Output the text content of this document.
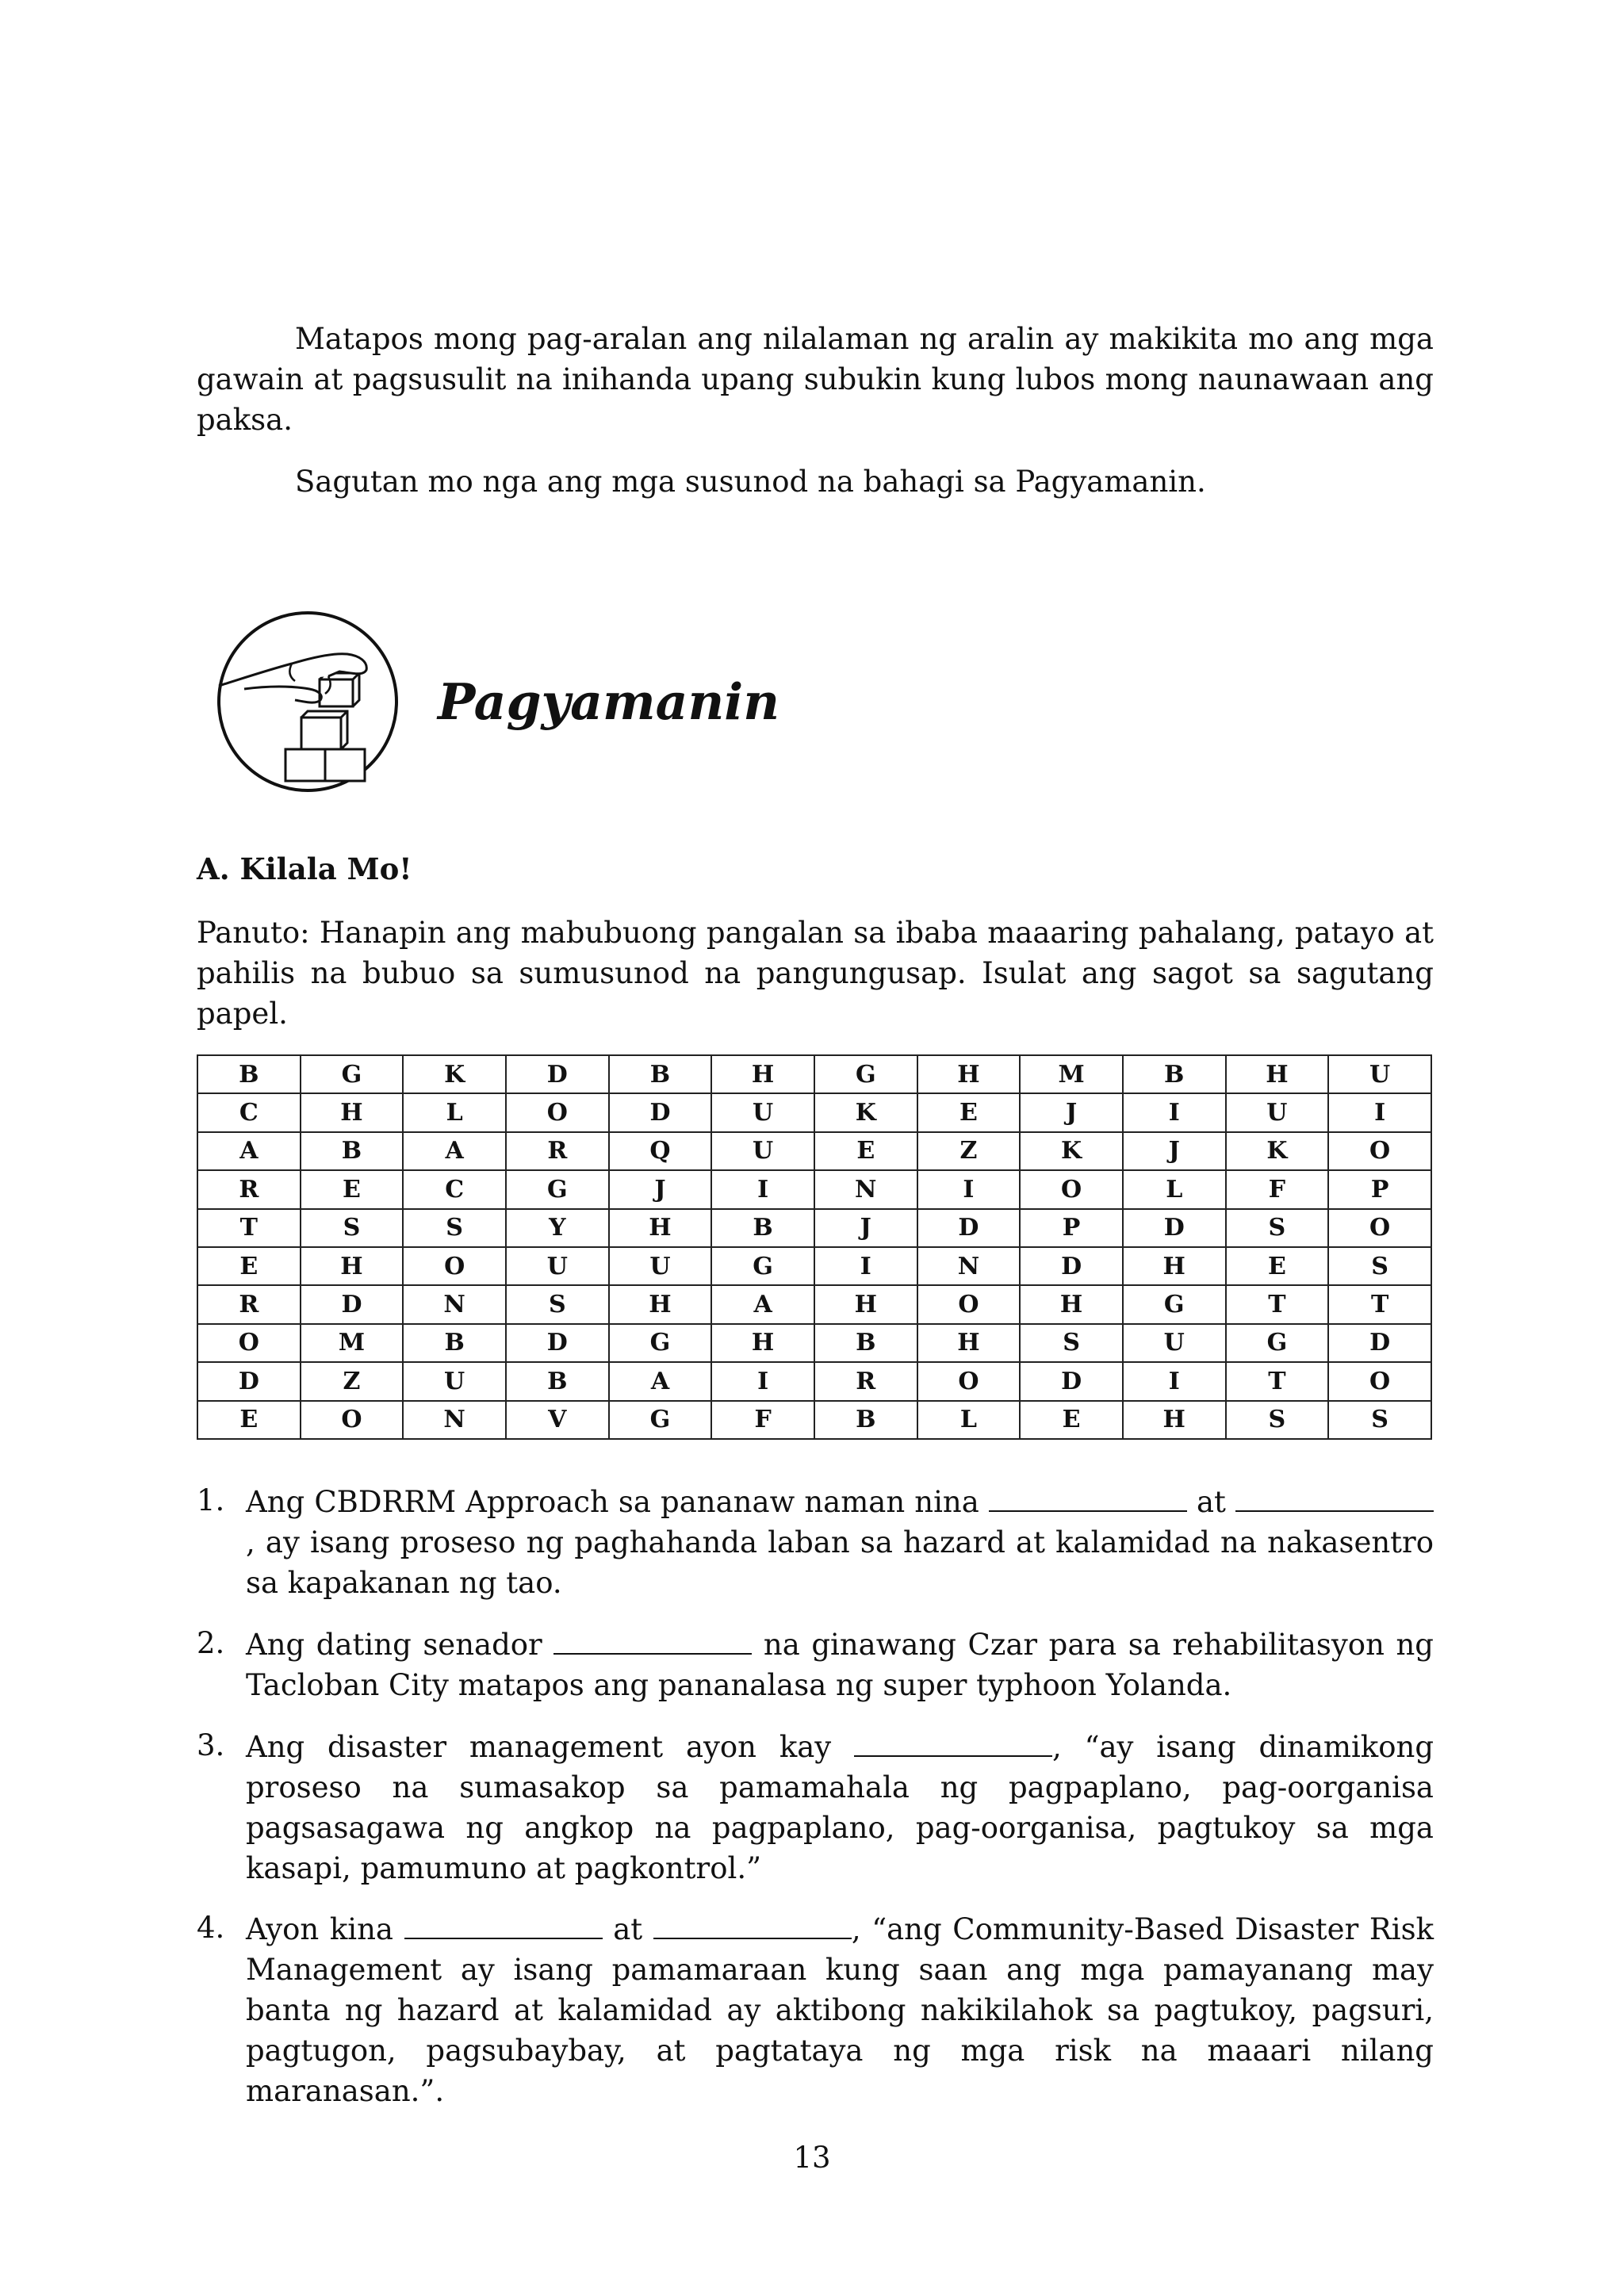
Matapos mong pag-aralan ang nilalaman ng aralin ay makikita mo ang mga gawain at pagsusulit na inihanda upang subukin kung lubos mong naunawaan ang paksa.

Sagutan mo nga ang mga susunod na bahagi sa Pagyamanin.

Pagyamanin
A. Kilala Mo!

Panuto: Hanapin ang mabubuong pangalan sa ibaba maaaring pahalang, patayo at pahilis na bubuo sa sumusunod na pangungusap. Isulat ang sagot sa sagutang papel.

B	G	K	D	B	H	G	H	M	B	H	U
C	H	L	O	D	U	K	E	J	I	U	I
A	B	A	R	Q	U	E	Z	K	J	K	O
R	E	C	G	J	I	N	I	O	L	F	P
T	S	S	Y	H	B	J	D	P	D	S	O
E	H	O	U	U	G	I	N	D	H	E	S
R	D	N	S	H	A	H	O	H	G	T	T
O	M	B	D	G	H	B	H	S	U	G	D
D	Z	U	B	A	I	R	O	D	I	T	O
E	O	N	V	G	F	B	L	E	H	S	S
1. Ang CBDRRM Approach sa pananaw naman nina	at , ay isang proseso ng paghahanda laban sa hazard at kalamidad na nakasentro sa kapakanan ng tao.
2. Ang dating senador	na ginawang Czar para sa rehabilitasyon ng Tacloban City matapos ang pananalasa ng super typhoon Yolanda.
3. Ang disaster management ayon kay	, “ay isang dinamikong proseso na sumasakop sa pamamahala ng pagpaplano, pag-oorganisa pagsasagawa ng angkop na pagpaplano, pag-oorganisa, pagtukoy sa mga kasapi, pamumuno at pagkontrol.”
4. Ayon kina	at	, “ang Community-Based Disaster Risk Management ay isang pamamaraan kung saan ang mga pamayanang may banta ng hazard at kalamidad ay aktibong nakikilahok sa pagtukoy, pagsuri, pagtugon, pagsubaybay, at pagtataya ng mga risk na maaari nilang maranasan.”.
13
